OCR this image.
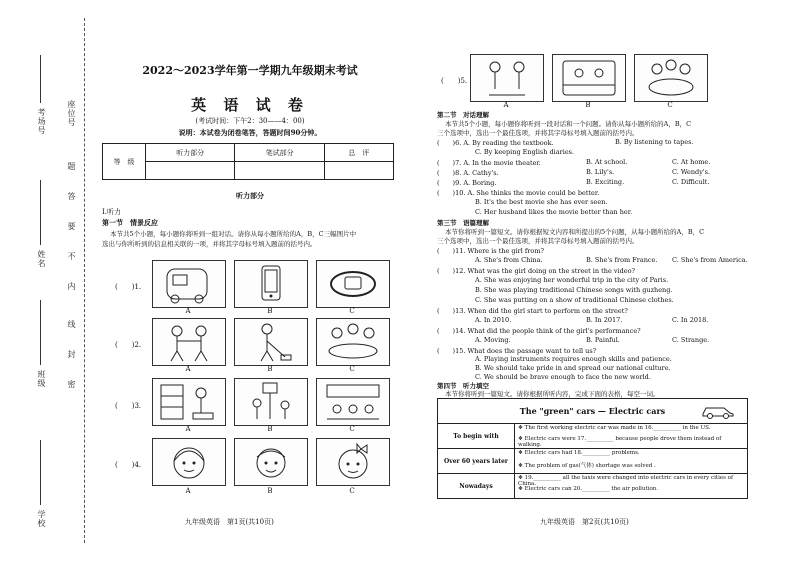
考场号
姓名
班级
学校
座位号
题
答
要
不
内
线
封
密
2022～2023学年第一学期九年级期末考试
英 语 试 卷
(考试时间：下午2：30——4：00)
说明：本试卷为闭卷笔答，答题时间90分钟。
等　级	听力部分	笔试部分	总　评

听力部分
Ⅰ.听力
第一节　情景反应
本节共5个小题，每小题你将听到一组对话。请你从每小题所给的A，B，C三幅图片中
选出与你所听到的信息相关联的一项，并将其字母标号填入题前的括号内。
(　　)1.
(　　)2.
(　　)3.
(　　)4.
A	B	C
A	B	C
A	B	C
A	B	C
九年级英语　第1页(共10页)
(　　)5.
A	B	C
第二节　对话理解
本节共5个小题，每小题你将听到一段对话和一个问题。请你从每小题所给的A，B，C
三个选项中，选出一个最佳选项，并将其字母标号填入题前的括号内。
(　　)6. A. By reading the textbook.	B. By listening to tapes.
C. By keeping English diaries.
(　　)7. A. In the movie theater.	B. At school.	C. At home.
(　　)8. A. Cathy's.	B. Lily's.	C. Wendy's.
(　　)9. A. Boring.	B. Exciting.	C. Difficult.
(　　)10. A. She thinks the movie could be better.
B. It's the best movie she has ever seen.
C. Her husband likes the movie better than her.
第三节　语篇理解
本节你将听到一篇短文。请你根据短文内容和所提出的5个问题，从每小题所给的A，B，C
三个选项中，选出一个最佳选项，并将其字母标号填入题前的括号内。
(　　)11. Where is the girl from?
A. She's from China.	B. She's from France. C. She's from America.
(　　)12. What was the girl doing on the street in the video?
A. She was enjoying her wonderful trip in the city of Paris.
B. She was playing traditional Chinese songs with guzheng.
C. She was putting on a show of traditional Chinese clothes.
(　　)13. When did the girl start to perform on the street?
A. In 2010.	B. In 2017.	C. In 2018.
(　　)14. What did the people think of the girl's performance?
A. Moving.	B. Painful.	C. Strange.
(　　)15. What does the passage want to tell us?
A. Playing instruments requires enough skills and patience.
B. We should take pride in and spread our national culture.
C. We should be brave enough to face the new world.
第四节　听力填空
本节你将听到一篇短文。请你根据所听内容，完成下面的表格，每空一词。
The "green" cars — Electric cars	

To begin with	❖ The first working electric car was made in 16.__________ in the US.
❖ Electric cars were 17.__________ because people drove them instead of walking.

Over 60 years later	❖ Electric cars had 18.__________ problems.
❖ The problem of gas(气体) shortage was solved .

Nowadays	❖ 19.__________ all the taxis were changed into electric cars in every cities of China.
❖ Electric cars can 20.__________ the air pollution.
九年级英语　第2页(共10页)
